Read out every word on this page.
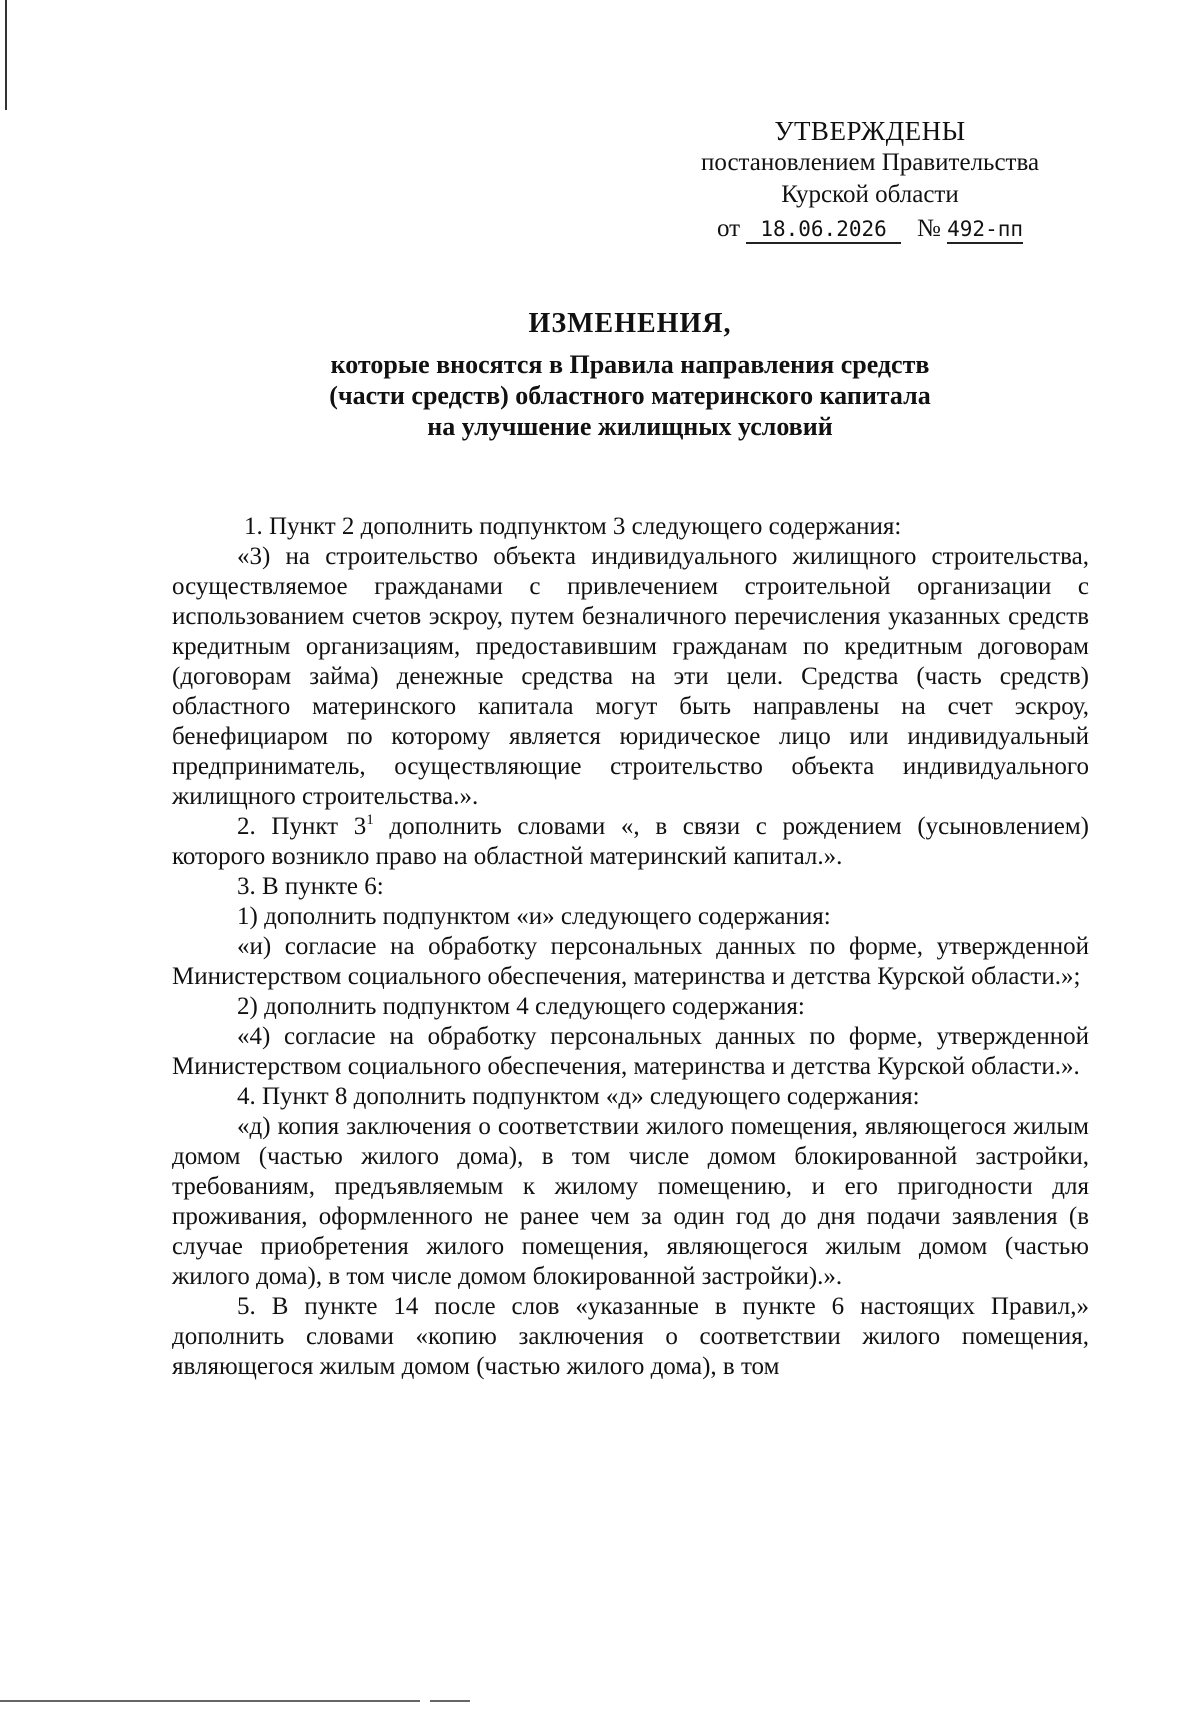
УТВЕРЖДЕНЫ
постановлением Правительства
Курской области
от 18.06.2026 № 492-пп
ИЗМЕНЕНИЯ,
которые вносятся в Правила направления средств
(части средств) областного материнского капитала
на улучшение жилищных условий

1. Пункт 2 дополнить подпунктом 3 следующего содержания:

«3) на строительство объекта индивидуального жилищного строительства, осуществляемое гражданами с привлечением строительной организации с использованием счетов эскроу, путем безналичного перечисления указанных средств кредитным организациям, предоставившим гражданам по кредитным договорам (договорам займа) денежные средства на эти цели. Средства (часть средств) областного материнского капитала могут быть направлены на счет эскроу, бенефициаром по которому является юридическое лицо или индивидуальный предприниматель, осуществляющие строительство объекта индивидуального жилищного строительства.».

2. Пункт $3^1$ дополнить словами «, в связи с рождением (усыновлением) которого возникло право на областной материнский капитал.».

3. В пункте 6:

1) дополнить подпунктом «и» следующего содержания:

«и) согласие на обработку персональных данных по форме, утвержденной Министерством социального обеспечения, материнства и детства Курской области.»;

2) дополнить подпунктом 4 следующего содержания:

«4) согласие на обработку персональных данных по форме, утвержденной Министерством социального обеспечения, материнства и детства Курской области.».

4. Пункт 8 дополнить подпунктом «д» следующего содержания:

«д) копия заключения о соответствии жилого помещения, являющегося жилым домом (частью жилого дома), в том числе домом блокированной застройки, требованиям, предъявляемым к жилому помещению, и его пригодности для проживания, оформленного не ранее чем за один год до дня подачи заявления (в случае приобретения жилого помещения, являющегося жилым домом (частью жилого дома), в том числе домом блокированной застройки).».

5. В пункте 14 после слов «указанные в пункте 6 настоящих Правил,» дополнить словами «копию заключения о соответствии жилого помещения, являющегося жилым домом (частью жилого дома), в том
